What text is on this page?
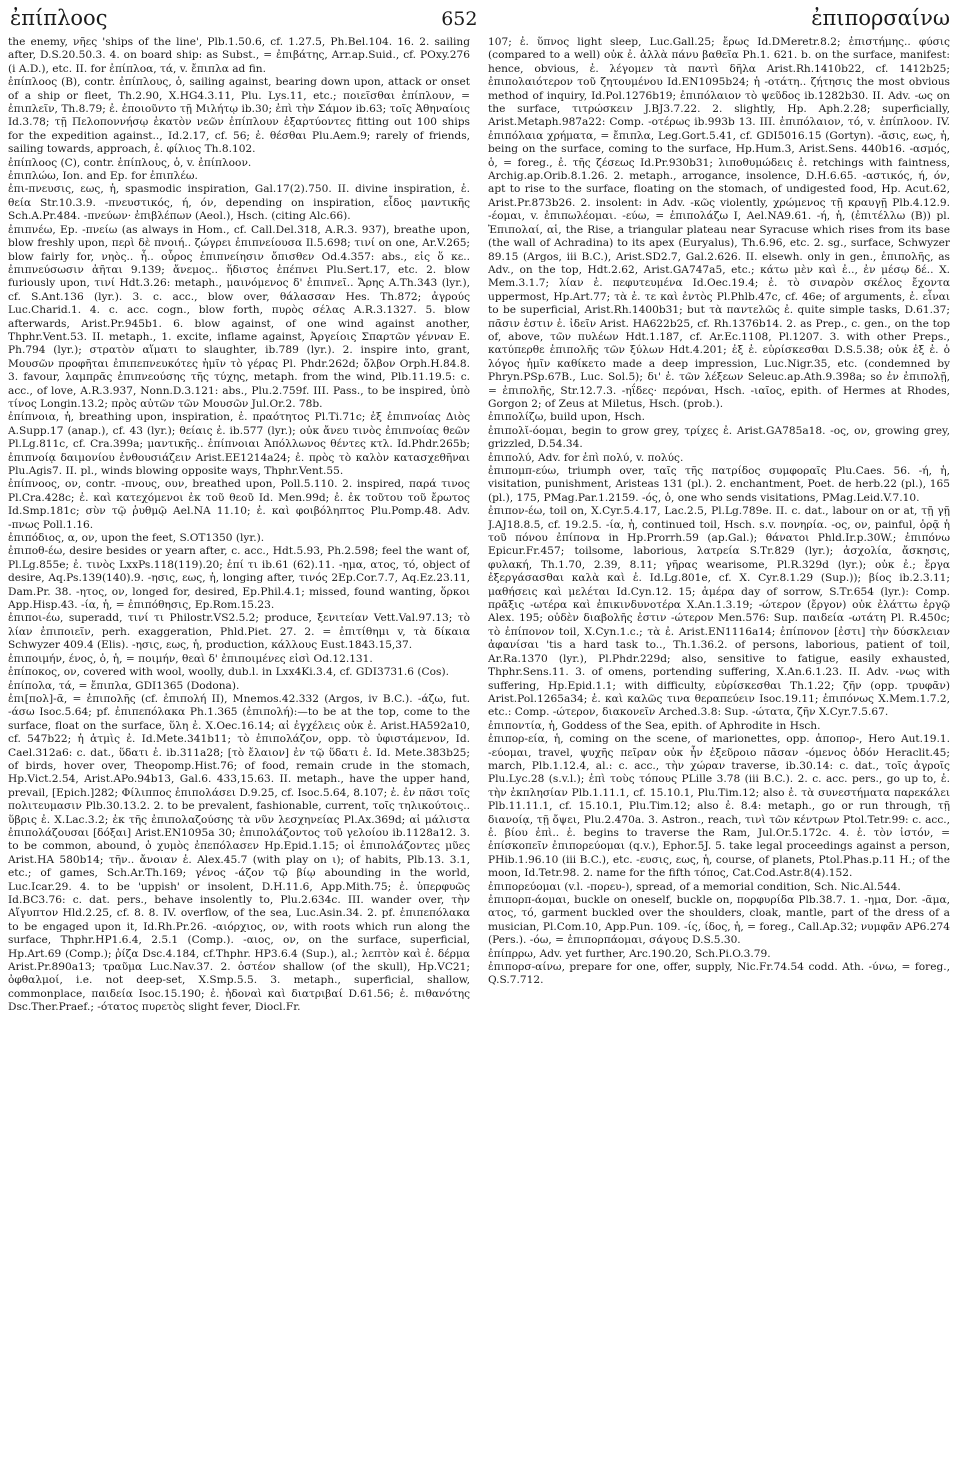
ἐπίπλοος	652	ἐπιπορσαίνω

the enemy, νῆες 'ships of the line', Plb.1.50.6, cf. 1.27.5, Ph.Bel.104. 16. 2. sailing after, D.S.20.50.3. 4. on board ship: as Subst., = ἐπιβάτης, Arr.ap.Suid., cf. POxy.276 (i A.D.), etc. II. for ἐπίπλοα, τά, v. ἔπιπλα ad fin.

ἐπίπλοος (B), contr. ἐπίπλους, ὁ, sailing against, bearing down upon, attack or onset of a ship or fleet, Th.2.90, X.HG4.3.11, Plu. Lys.11, etc.; ποιεῖσθαι ἐπίπλουν, = ἐπιπλεῖν, Th.8.79; ἐ. ἐποιοῦντο τῇ Μιλήτῳ ib.30; ἐπὶ τὴν Σάμον ib.63; τοῖς Ἀθηναίοις Id.3.78; τῇ Πελοποννήσῳ ἑκατὸν νεῶν ἐπίπλουν ἐξαρτύοντες fitting out 100 ships for the expedition against.., Id.2.17, cf. 56; ἐ. θέσθαι Plu.Aem.9; rarely of friends, sailing towards, approach, ἐ. φίλιος Th.8.102.

ἐπίπλοος (C), contr. ἐπίπλους, ὁ, v. ἐπίπλοον.

ἐπιπλώω, Ion. and Ep. for ἐπιπλέω.

ἐπι-πνευσις, εως, ἡ, spasmodic inspiration, Gal.17(2).750. II. divine inspiration, ἐ. θεία Str.10.3.9. -πνευστικός, ή, όν, depending on inspiration, εἶδος μαντικῆς Sch.A.Pr.484. -πνεύων· ἐπιβλέπων (Aeol.), Hsch. (citing Alc.66).

ἐπιπνέω, Ep. -πνείω (as always in Hom., cf. Call.Del.318, A.R.3. 937), breathe upon, blow freshly upon, περὶ δὲ πνοιή.. ζώγρει ἐπιπνείουσα Il.5.698; τινί on one, Ar.V.265; blow fairly for, νηὸς.. ἧ.. οὖρος ἐπιπνείησιν ὄπισθεν Od.4.357: abs., εἰς ὅ κε.. ἐπιπνεύσωσιν ἀῆται 9.139; ἄνεμος.. ἥδιστος ἐπέπνει Plu.Sert.17, etc. 2. blow furiously upon, τινί Hdt.3.26: metaph., μαινόμενος δ' ἐπιπνεῖ.. Ἄρης A.Th.343 (lyr.), cf. S.Ant.136 (lyr.). 3. c. acc., blow over, θάλασσαν Hes. Th.872; ἀγρούς Luc.Charid.1. 4. c. acc. cogn., blow forth, πυρὸς σέλας A.R.3.1327. 5. blow afterwards, Arist.Pr.945b1. 6. blow against, of one wind against another, Thphr.Vent.53. II. metaph., 1. excite, inflame against, Ἀργείοις Σπαρτῶν γένναν E. Ph.794 (lyr.); στρατὸν αἵματι to slaughter, ib.789 (lyr.). 2. inspire into, grant, Μουσῶν προφῆται ἐπιπεπνευκότες ἡμῖν τὸ γέρας Pl. Phdr.262d; ὄλβον Orph.H.84.8. 3. favour, λαμπρᾶς ἐπιπνεούσης τῆς τύχης, metaph. from the wind, Plb.11.19.5: c. acc., of love, A.R.3.937, Nonn.D.3.121: abs., Plu.2.759f. III. Pass., to be inspired, ὑπὸ τίνος Longin.13.2; πρὸς αὐτῶν τῶν Μουσῶν Jul.Or.2. 78b.

ἐπίπνοια, ἡ, breathing upon, inspiration, ἐ. πραότητος Pl.Ti.71c; ἐξ ἐπιπνοίας Διὸς A.Supp.17 (anap.), cf. 43 (lyr.); θείαις ἐ. ib.577 (lyr.); οὐκ ἄνευ τινὸς ἐπιπνοίας θεῶν Pl.Lg.811c, cf. Cra.399a; μαντικῆς.. ἐπίπνοιαι Ἀπόλλωνος θέντες κτλ. Id.Phdr.265b; ἐπιπνοίᾳ δαιμονίου ἐνθουσιάζειν Arist.EE1214a24; ἐ. πρὸς τὸ καλὸν κατασχεθῆναι Plu.Agis7. II. pl., winds blowing opposite ways, Thphr.Vent.55.

ἐπίπνοος, ον, contr. -πνους, ουν, breathed upon, Poll.5.110. 2. inspired, παρά τινος Pl.Cra.428c; ἐ. καὶ κατεχόμενοι ἐκ τοῦ θεοῦ Id. Men.99d; ἐ. ἐκ τοῦτου τοῦ ἔρωτος Id.Smp.181c; σὺν τῷ ῥυθμῷ Ael.NA 11.10; ἐ. καὶ φοιβόληπτος Plu.Pomp.48. Adv. -πνως Poll.1.16.

ἐπιπόδιος, α, ον, upon the feet, S.OT1350 (lyr.).

ἐπιποθ-έω, desire besides or yearn after, c. acc., Hdt.5.93, Ph.2.598; feel the want of, Pl.Lg.855e; ἐ. τινὸς LxxPs.118(119).20; ἐπί τι ib.61 (62).11. -ημα, ατος, τό, object of desire, Aq.Ps.139(140).9. -ησις, εως, ἡ, longing after, τινός 2Ep.Cor.7.7, Aq.Ez.23.11, Dam.Pr. 38. -ητος, ον, longed for, desired, Ep.Phil.4.1; missed, found wanting, ὅρκοι App.Hisp.43. -ία, ἡ, = ἐπιπόθησις, Ep.Rom.15.23.

ἐπιποι-έω, superadd, τινί τι Philostr.VS2.5.2; produce, ξενιτείαν Vett.Val.97.13; τὸ λίαν ἐπιποιεῖν, perh. exaggeration, Phld.Piet. 27. 2. = ἐπιτίθημι v, τὰ δίκαια Schwyzer 409.4 (Elis). -ησις, εως, ἡ, production, κάλλους Eust.1843.15,37.

ἐπιποιμήν, ένος, ὁ, ἡ, = ποιμήν, θεαὶ δ' ἐπιποιμένες εἰσὶ Od.12.131.

ἐπίποκος, ον, covered with wool, woolly, dub.l. in Lxx4Ki.3.4, cf. GDI3731.6 (Cos).

ἐπίπολα, τά, = ἔπιπλα, GDI1365 (Dodona).

ἐπι[πολ]-ᾶ, = ἐπιπολῆς (cf. ἐπιπολή II), Mnemos.42.332 (Argos, iv B.C.). -άζω, fut. -άσω Isoc.5.64; pf. ἐπιπεπόλακα Ph.1.365 (ἐπιπολή):—to be at the top, come to the surface, float on the surface, ὕλη ἐ. X.Oec.16.14; αἱ ἐγχέλεις οὐκ ἐ. Arist.HA592a10, cf. 547b22; ἡ ἀτμὶς ἐ. Id.Mete.341b11; τὸ ἐπιπολάζον, opp. τὸ ὑφιστάμενον, Id. Cael.312a6: c. dat., ὕδατι ἐ. ib.311a28; [τὸ ἔλαιον] ἐν τῷ ὕδατι ἐ. Id. Mete.383b25; of birds, hover over, Theopomp.Hist.76; of food, remain crude in the stomach, Hp.Vict.2.54, Arist.APo.94b13, Gal.6. 433,15.63. II. metaph., have the upper hand, prevail, [Epich.]282; Φίλιππος ἐπιπολάσει D.9.25, cf. Isoc.5.64, 8.107; ἐ. ἐν πᾶσι τοῖς πολιτευμασιν Plb.30.13.2. 2. to be prevalent, fashionable, current, τοῖς τηλικούτοις.. ὕβρις ἐ. X.Lac.3.2; ἐκ τῆς ἐπιπολαζούσης τὰ νῦν λεσχηνείας Pl.Ax.369d; αἱ μάλιστα ἐπιπολάζουσαι [δόξαι] Arist.EN1095a 30; ἐπιπολάζοντος τοῦ γελοίου ib.1128a12. 3. to be common, abound, ὁ χυμὸς ἐπεπόλασεν Hp.Epid.1.15; οἱ ἐπιπολάζοντες μῦες Arist.HA 580b14; τῆν.. ἄνοιαν ἐ. Alex.45.7 (with play on ι); of habits, Plb.13. 3.1, etc.; of games, Sch.Ar.Th.169; γένος -άζον τῷ βίῳ abounding in the world, Luc.Icar.29. 4. to be 'uppish' or insolent, D.H.11.6, App.Mith.75; ἐ. ὑπερφυῶς Id.BC3.76: c. dat. pers., behave insolently to, Plu.2.634c. III. wander over, τὴν Αἴγυπτον Hld.2.25, cf. 8. 8. IV. overflow, of the sea, Luc.Asin.34. 2. pf. ἐπιπεπόλακα to be engaged upon it, Id.Rh.Pr.26. -αιόρχιος, ον, with roots which run along the surface, Thphr.HP1.6.4, 2.5.1 (Comp.). -αιος, ον, on the surface, superficial, Hp.Art.69 (Comp.); ῥίζα Dsc.4.184, cf.Thphr. HP3.6.4 (Sup.), al.; λεπτὸν καὶ ἐ. δέρμα Arist.Pr.890a13; τραῦμα Luc.Nav.37. 2. ὀστέον shallow (of the skull), Hp.VC21; ὀφθαλμοί, i.e. not deep-set, X.Smp.5.5. 3. metaph., superficial, shallow, commonplace, παιδεία Isoc.15.190; ἐ. ἡδοναὶ καὶ διατριβαί D.61.56; ἐ. πιθανότης Dsc.Ther.Praef.; -ότατος πυρετὸς slight fever, Diocl.Fr.

107; ἐ. ὕπνος light sleep, Luc.Gall.25; ἔρως Id.DMeretr.8.2; ἐπιστήμης.. φύσις (compared to a well) οὐκ ἐ. ἀλλὰ πάνυ βαθεῖα Ph.1. 621. b. on the surface, manifest: hence, obvious, ἐ. λέγομεν τὰ παντὶ δῆλα Arist.Rh.1410b22, cf. 1412b25; ἐπιπολαιότερον τοῦ ζητουμένου Id.EN1095b24; ἡ -οτάτη.. ζήτησις the most obvious method of inquiry, Id.Pol.1276b19; ἐπιπόλαιον τὸ ψεῦδος ib.1282b30. II. Adv. -ως on the surface, τιτρώσκειν J.BJ3.7.22. 2. slightly, Hp. Aph.2.28; superficially, Arist.Metaph.987a22: Comp. -οτέρως ib.993b 13. III. ἐπιπόλαιον, τό, v. ἐπίπλοον. IV. ἐπιπόλαια χρήματα, = ἔπιπλα, Leg.Gort.5.41, cf. GDI5016.15 (Gortyn). -ᾰσις, εως, ἡ, being on the surface, coming to the surface, Hp.Hum.3, Arist.Sens. 440b16. -ασμός, ὁ, = foreg., ἐ. τῆς ζέσεως Id.Pr.930b31; λιποθυμώδεις ἐ. retchings with faintness, Archig.ap.Orib.8.1.26. 2. metaph., arrogance, insolence, D.H.6.65. -αστικός, ή, όν, apt to rise to the surface, floating on the stomach, of undigested food, Hp. Acut.62, Arist.Pr.873b26. 2. insolent: in Adv. -κῶς violently, χρώμενος τῇ κραυγῇ Plb.4.12.9. -έομαι, v. ἐπιπωλέομαι. -εύω, = ἐπιπολάζω I, Ael.NA9.61. -ή, ἡ, (ἐπιτέλλω (B)) pl. Ἐπιπολαί, αἱ, the Rise, a triangular plateau near Syracuse which rises from its base (the wall of Achradina) to its apex (Euryalus), Th.6.96, etc. 2. sg., surface, Schwyzer 89.15 (Argos, iii B.C.), Arist.SD2.7, Gal.2.626. II. elsewh. only in gen., ἐπιπολῆς, as Adv., on the top, Hdt.2.62, Arist.GA747a5, etc.; κάτω μὲν καὶ ἐ.., ἐν μέσῳ δέ.. X. Mem.3.1.7; λίαν ἐ. πεφυτευμένα Id.Oec.19.4; ἐ. τὸ σιναρὸν σκέλος ἔχοντα uppermost, Hp.Art.77; τὰ ἐ. τε καὶ ἐντὸς Pl.Phlb.47c, cf. 46e; of arguments, ἐ. εἶναι to be superficial, Arist.Rh.1400b31; but τὰ παντελῶς ἐ. quite simple tasks, D.61.37; πᾶσιν ἐστιν ἐ. ἰδεῖν Arist. HA622b25, cf. Rh.1376b14. 2. as Prep., c. gen., on the top of, above, τῶν πυλέων Hdt.1.187, cf. Ar.Ec.1108, Pl.1207. 3. with other Preps., κατύπερθε ἐπιπολῆς τῶν ξύλων Hdt.4.201; ἐξ ἐ. εὑρίσκεσθαι D.S.5.38; οὐκ ἐξ ἐ. ὁ λόγος ἡμῖν καθίκετο made a deep impression, Luc.Nigr.35, etc. (condemned by Phryn.PSp.67B., Luc. Sol.5); δι' ἐ. τῶν λέξεων Seleuc.ap.Ath.9.398a; so ἐν ἐπιπολῇ, = ἐπιπολῆς, Str.12.7.3. -ηΐδες· περόναι, Hsch. -ιαῖος, epith. of Hermes at Rhodes, Gorgon 2; of Zeus at Miletus, Hsch. (prob.).

ἐπιπολίζω, build upon, Hsch.

ἐπιπολῐ-όομαι, begin to grow grey, τρίχες ἐ. Arist.GA785a18. -ος, ον, growing grey, grizzled, D.54.34.

ἐπιπολύ, Adv. for ἐπὶ πολύ, v. πολύς.

ἐπιπομπ-εύω, triumph over, ταῖς τῆς πατρίδος συμφοραῖς Plu.Caes. 56. -ή, ἡ, visitation, punishment, Aristeas 131 (pl.). 2. enchantment, Poet. de herb.22 (pl.), 165 (pl.), 175, PMag.Par.1.2159. -ός, ὁ, one who sends visitations, PMag.Leid.V.7.10.

ἐπιπον-έω, toil on, X.Cyr.5.4.17, Lac.2.5, Pl.Lg.789e. II. c. dat., labour on or at, τῇ γῇ J.AJ18.8.5, cf. 19.2.5. -ία, ἡ, continued toil, Hsch. s.v. πονηρία. -ος, ον, painful, ὁρᾷ ἡ τοῦ πόνου ἐπίπονα in Hp.Prorrh.59 (ap.Gal.); θάνατοι Phld.Ir.p.30W.; ἐπιπόνω Epicur.Fr.457; toilsome, laborious, λατρεία S.Tr.829 (lyr.); ἀσχολία, ἄσκησις, φυλακή, Th.1.70, 2.39, 8.11; γῆρας wearisome, Pl.R.329d (lyr.); οὐκ ἐ.; ἔργα ἐξεργάσασθαι καλὰ καὶ ἐ. Id.Lg.801e, cf. X. Cyr.8.1.29 (Sup.)); βίος ib.2.3.11; μαθήσεις καὶ μελέται Id.Cyn.12. 15; ἁμέρα day of sorrow, S.Tr.654 (lyr.): Comp. πρᾶξις -ωτέρα καὶ ἐπικινδυνοτέρα X.An.1.3.19; -ώτερον (ἔργον) οὐκ ἐλάττω ἐργῷ Alex. 195; οὐδὲν διαβολῆς ἐστιν -ώτερον Men.576: Sup. παιδεία -ωτάτη Pl. R.450c; τὸ ἐπίπονον toil, X.Cyn.1.c.; τὰ ἐ. Arist.EN1116a14; ἐπίπονον [ἐστι] τὴν δύσκλειαν ἀφανίσαι 'tis a hard task to.., Th.1.36.2. of persons, laborious, patient of toil, Ar.Ra.1370 (lyr.), Pl.Phdr.229d; also, sensitive to fatigue, easily exhausted, Thphr.Sens.11. 3. of omens, portending suffering, X.An.6.1.23. II. Adv. -νως with suffering, Hp.Epid.1.1; with difficulty, εὑρίσκεσθαι Th.1.22; ζῆν (opp. τρυφᾶν) Arist.Pol.1265a34; ἐ. καὶ καλῶς τινα θεραπεύειν Isoc.19.11; ἐπιπόνως X.Mem.1.7.2, etc.: Comp. -ώτερον, διακονεῖν Arched.3.8: Sup. -ώτατα, ζῆν X.Cyr.7.5.67.

ἐπιποντία, ἡ, Goddess of the Sea, epith. of Aphrodite in Hsch.

ἐπιπορ-εία, ἡ, coming on the scene, of marionettes, opp. ἀποπορ-, Hero Aut.19.1. -εύομαι, travel, ψυχῆς πεῖραν οὐκ ἦν ἐξεῦροιο πᾶσαν -όμενος ὁδόν Heraclit.45; march, Plb.1.12.4, al.: c. acc., τὴν χώραν traverse, ib.30.14: c. dat., τοῖς ἀγροῖς Plu.Lyc.28 (s.v.l.); ἐπὶ τοὺς τόπους PLille 3.78 (iii B.C.). 2. c. acc. pers., go up to, ἐ. τὴν ἐκπλησίαν Plb.1.11.1, cf. 15.10.1, Plu.Tim.12; also ἐ. τὰ συνεστήματα παρεκάλει Plb.11.11.1, cf. 15.10.1, Plu.Tim.12; also ἐ. 8.4: metaph., go or run through, τῇ διανοίᾳ, τῇ ὄψει, Plu.2.470a. 3. Astron., reach, τινὶ τῶν κέντρων Ptol.Tetr.99: c. acc., ἐ. βίου ἐπὶ.. ἐ. begins to traverse the Ram, Jul.Or.5.172c. 4. ἐ. τὸν ἰστόν, = ἐπίσκοπεῖν ἐπιπορεύομαι (q.v.), Ephor.5J. 5. take legal proceedings against a person, PHib.1.96.10 (iii B.C.), etc. -ευσις, εως, ἡ, course, of planets, Ptol.Phas.p.11 H.; of the moon, Id.Tetr.98. 2. name for the fifth τόπος, Cat.Cod.Astr.8(4).152.

ἐπιπορεύομαι (v.l. -πορευ-), spread, of a memorial condition, Sch. Nic.Al.544.

ἐπιπορπ-άομαι, buckle on oneself, buckle on, πορφυρίδα Plb.38.7. 1. -ημα, Dor. -ᾶμα, ατος, τό, garment buckled over the shoulders, cloak, mantle, part of the dress of a musician, Pl.Com.10, App.Pun. 109. -ίς, ίδος, ἡ, = foreg., Call.Ap.32; νυμφᾶν AP6.274 (Pers.). -όω, = ἐπιπορπάομαι, σάγους D.S.5.30.

ἐπίπρρω, Adv. yet further, Arc.190.20, Sch.Pi.O.3.79.

ἐπιπορσ-αίνω, prepare for one, offer, supply, Nic.Fr.74.54 codd. Ath. -ύνω, = foreg., Q.S.7.712.
